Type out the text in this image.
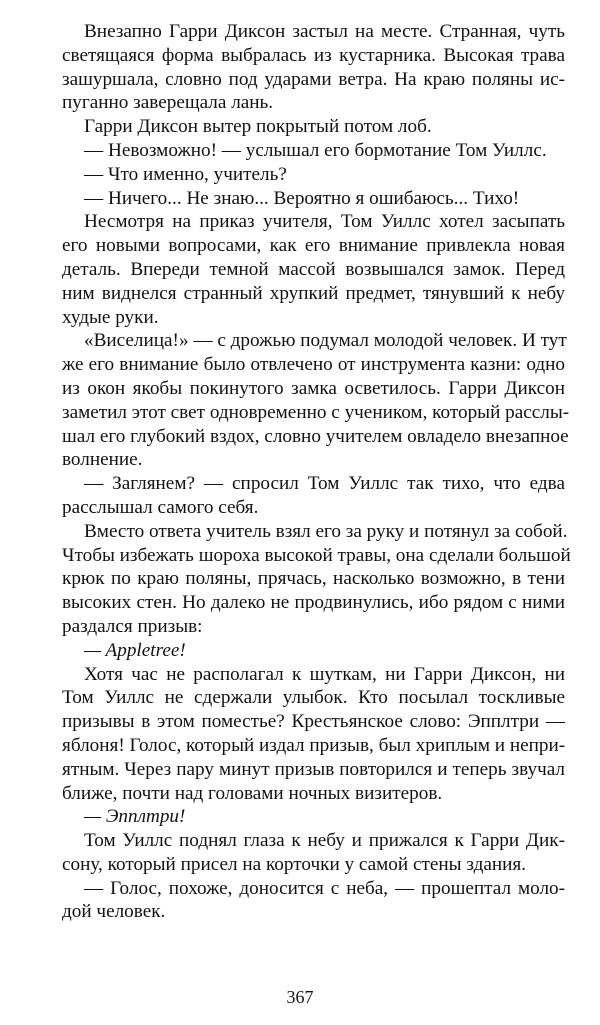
Внезапно Гарри Диксон застыл на месте. Странная, чуть
светящаяся форма выбралась из кустарника. Высокая трава
зашуршала, словно под ударами ветра. На краю поляны ис-
пуганно заверещала лань.
Гарри Диксон вытер покрытый потом лоб.
— Невозможно! — услышал его бормотание Том Уиллс.
— Что именно, учитель?
— Ничего... Не знаю... Вероятно я ошибаюсь... Тихо!
Несмотря на приказ учителя, Том Уиллс хотел засыпать
его новыми вопросами, как его внимание привлекла новая
деталь. Впереди темной массой возвышался замок. Перед
ним виднелся странный хрупкий предмет, тянувший к небу
худые руки.
«Виселица!» — с дрожью подумал молодой человек. И тут
же его внимание было отвлечено от инструмента казни: одно
из окон якобы покинутого замка осветилось. Гарри Диксон
заметил этот свет одновременно с учеником, который расслы-
шал его глубокий вздох, словно учителем овладело внезапное
волнение.
— Заглянем? — спросил Том Уиллс так тихо, что едва
расслышал самого себя.
Вместо ответа учитель взял его за руку и потянул за собой.
Чтобы избежать шороха высокой травы, она сделали большой
крюк по краю поляны, прячась, насколько возможно, в тени
высоких стен. Но далеко не продвинулись, ибо рядом с ними
раздался призыв:
— Appletree!
Хотя час не располагал к шуткам, ни Гарри Диксон, ни
Том Уиллс не сдержали улыбок. Кто посылал тоскливые
призывы в этом поместье? Крестьянское слово: Эпплтри —
яблоня! Голос, который издал призыв, был хриплым и непри-
ятным. Через пару минут призыв повторился и теперь звучал
ближе, почти над головами ночных визитеров.
— Эпплтри!
Том Уиллс поднял глаза к небу и прижался к Гарри Дик-
сону, который присел на корточки у самой стены здания.
— Голос, похоже, доносится с неба, — прошептал моло-
дой человек.
367
